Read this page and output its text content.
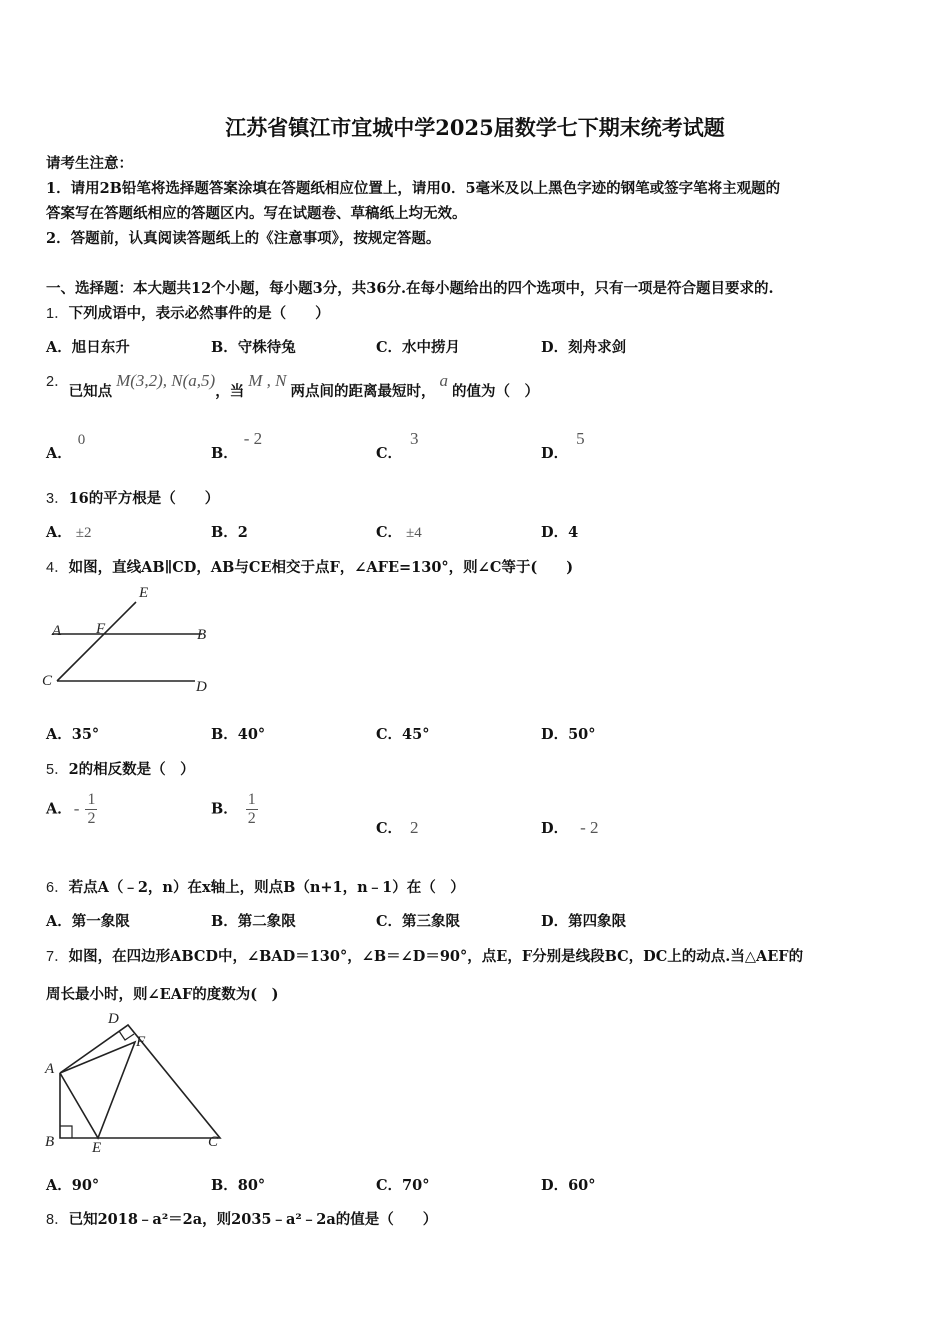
江苏省镇江市宜城中学2025届数学七下期末统考试题
请考生注意：
1．请用2B铅笔将选择题答案涂填在答题纸相应位置上，请用0．5毫米及以上黑色字迹的钢笔或签字笔将主观题的
答案写在答题纸相应的答题区内。写在试题卷、草稿纸上均无效。
2．答题前，认真阅读答题纸上的《注意事项》，按规定答题。
一、选择题：本大题共12个小题，每小题3分，共36分.在每小题给出的四个选项中，只有一项是符合题目要求的.
1．下列成语中，表示必然事件的是（　　）
A．旭日东升	B．守株待兔	C．水中捞月	D．刻舟求剑
2．已知点M(3,2), N(a,5)，当M , N两点间的距离最短时，a的值为（　）
A．0
B．- 2
C．3
D．5
3．16的平方根是（　　）
A． ±2	B．2	C． ±4	D．4
4．如图，直线AB∥CD，AB与CE相交于点F，∠AFE=130°，则∠C等于(　　)
E
A F	B
C	D
A．35°	B．40°	C．45°	D．50°
5．2的相反数是（　）
A． - $\frac{1}{2}$	B． $\frac{1}{2}$
C． 2	D． - 2
6．若点A（﹣2，n）在x轴上，则点B（n+1，n﹣1）在（　）
A．第一象限	B．第二象限	C．第三象限	D．第四象限
7．如图，在四边形ABCD中，∠BAD＝130°，∠B＝∠D＝90°，点E，F分别是线段BC，DC上的动点.当△AEF的
周长最小时，则∠EAF的度数为(　)
D
F
A
B	E	C
A．90°	B．80°	C．70°	D．60°
8．已知2018﹣a²＝2a，则2035﹣a²﹣2a的值是（　　）
